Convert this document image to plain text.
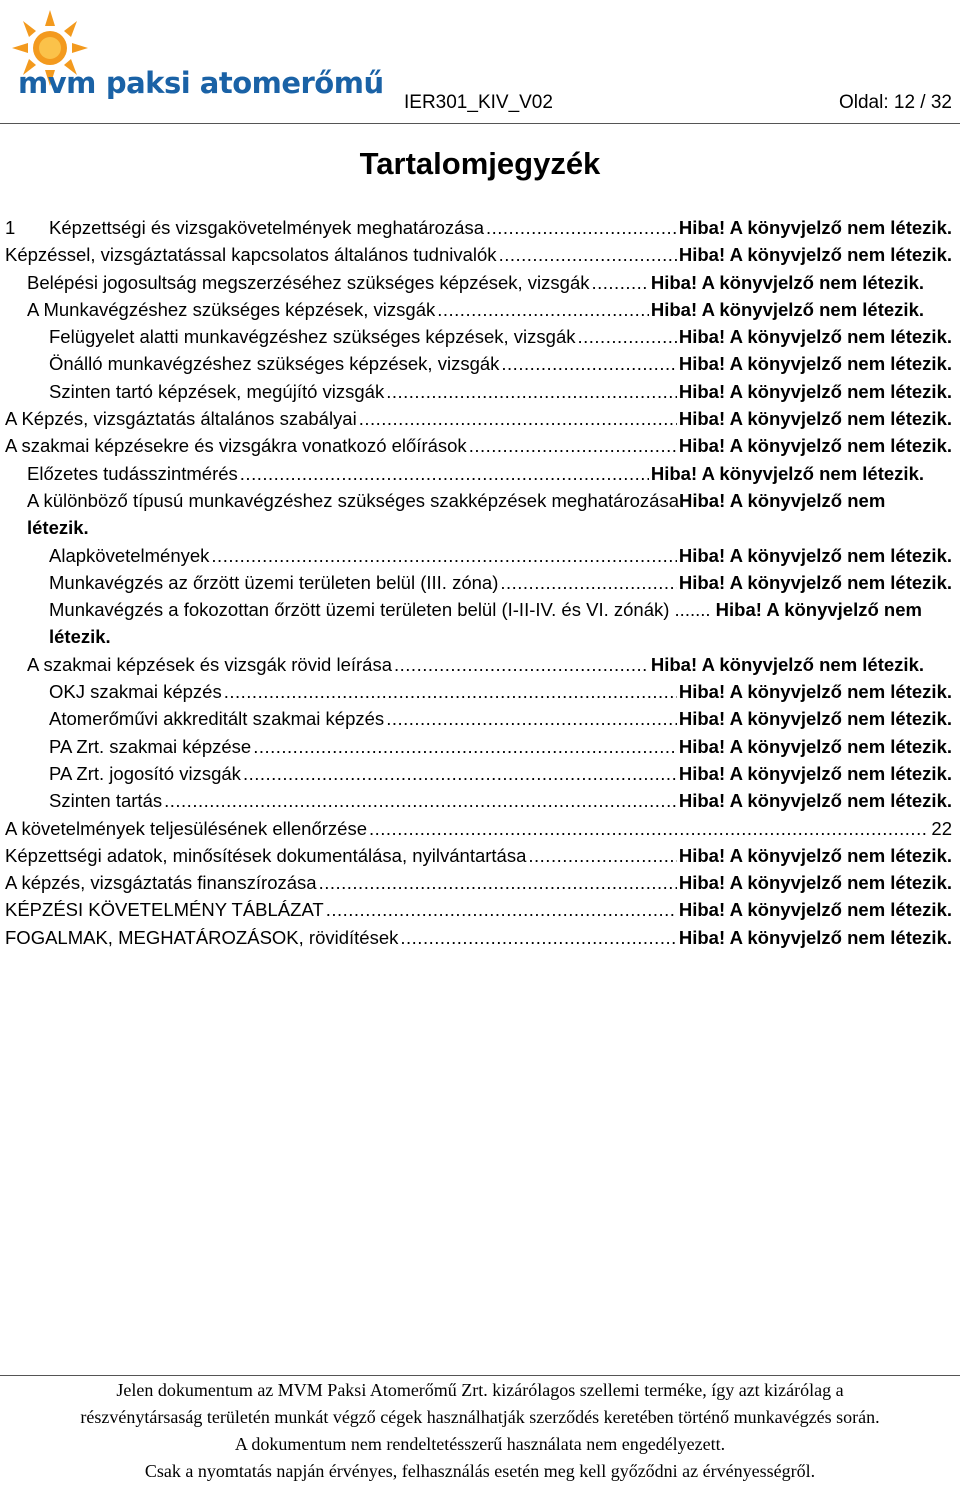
mvm paksi atomerőmű
IER301_KIV_V02	Oldal: 12 / 32
Tartalomjegyzék
1	Képzettségi és vizsgakövetelmények meghatározása .....	Hiba! A könyvjelző nem létezik.
Képzéssel, vizsgáztatással kapcsolatos általános tudnivalók .....	Hiba! A könyvjelző nem létezik.
Belépési jogosultság megszerzéséhez szükséges képzések, vizsgák .....	Hiba! A könyvjelző nem létezik.
A Munkavégzéshez szükséges képzések, vizsgák .....	Hiba! A könyvjelző nem létezik.
Felügyelet alatti munkavégzéshez szükséges képzések, vizsgák .....	Hiba! A könyvjelző nem létezik.
Önálló munkavégzéshez szükséges képzések, vizsgák .....	Hiba! A könyvjelző nem létezik.
Szinten tartó képzések, megújító vizsgák .....	Hiba! A könyvjelző nem létezik.
A Képzés, vizsgáztatás általános szabályai .....	Hiba! A könyvjelző nem létezik.
A szakmai képzésekre és vizsgákra vonatkozó előírások .....	Hiba! A könyvjelző nem létezik.
Előzetes tudásszintmérés .....	Hiba! A könyvjelző nem létezik.
A különböző típusú munkavégzéshez szükséges szakképzések meghatározásaHiba! A könyvjelző nem létezik.
Alapkövetelmények .....	Hiba! A könyvjelző nem létezik.
Munkavégzés az őrzött üzemi területen belül (III. zóna) .....	Hiba! A könyvjelző nem létezik.
Munkavégzés a fokozottan őrzött üzemi területen belül (I-II-IV. és VI. zónák) ....... Hiba! A könyvjelző nem létezik.
A szakmai képzések és vizsgák rövid leírása .....	Hiba! A könyvjelző nem létezik.
OKJ szakmai képzés .....	Hiba! A könyvjelző nem létezik.
Atomerőművi akkreditált szakmai képzés .....	Hiba! A könyvjelző nem létezik.
PA Zrt. szakmai képzése .....	Hiba! A könyvjelző nem létezik.
PA Zrt. jogosító vizsgák .....	Hiba! A könyvjelző nem létezik.
Szinten tartás .....	Hiba! A könyvjelző nem létezik.
A követelmények teljesülésének ellenőrzése .....	22
Képzettségi adatok, minősítések dokumentálása, nyilvántartása .....	Hiba! A könyvjelző nem létezik.
A képzés, vizsgáztatás finanszírozása .....	Hiba! A könyvjelző nem létezik.
KÉPZÉSI KÖVETELMÉNY TÁBLÁZAT .....	Hiba! A könyvjelző nem létezik.
FOGALMAK, MEGHATÁROZÁSOK, rövidítések .....	Hiba! A könyvjelző nem létezik.
Jelen dokumentum az MVM Paksi Atomerőmű Zrt. kizárólagos szellemi terméke, így azt kizárólag a
részvénytársaság területén munkát végző cégek használhatják szerződés keretében történő munkavégzés során.
A dokumentum nem rendeltetésszerű használata nem engedélyezett.
Csak a nyomtatás napján érvényes, felhasználás esetén meg kell győződni az érvényességről.
